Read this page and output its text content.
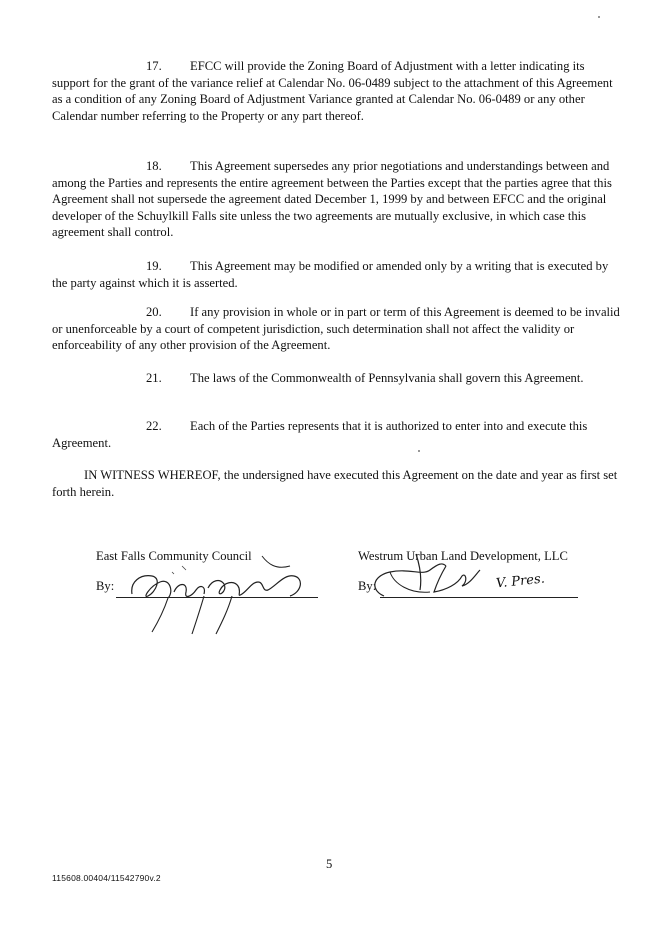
17. EFCC will provide the Zoning Board of Adjustment with a letter indicating its support for the grant of the variance relief at Calendar No. 06-0489 subject to the attachment of this Agreement as a condition of any Zoning Board of Adjustment Variance granted at Calendar No. 06-0489 or any other Calendar number referring to the Property or any part thereof.
18. This Agreement supersedes any prior negotiations and understandings between and among the Parties and represents the entire agreement between the Parties except that the parties agree that this Agreement shall not supersede the agreement dated December 1, 1999 by and between EFCC and the original developer of the Schuylkill Falls site unless the two agreements are mutually exclusive, in which case this agreement shall control.
19. This Agreement may be modified or amended only by a writing that is executed by the party against which it is asserted.
20. If any provision in whole or in part or term of this Agreement is deemed to be invalid or unenforceable by a court of competent jurisdiction, such determination shall not affect the validity or enforceability of any other provision of the Agreement.
21. The laws of the Commonwealth of Pennsylvania shall govern this Agreement.
22. Each of the Parties represents that it is authorized to enter into and execute this Agreement.
IN WITNESS WHEREOF, the undersigned have executed this Agreement on the date and year as first set forth herein.
East Falls Community Council
By:
Westrum Urban Land Development, LLC
By:	V. Pres.
5
115608.00404/11542790v.2
